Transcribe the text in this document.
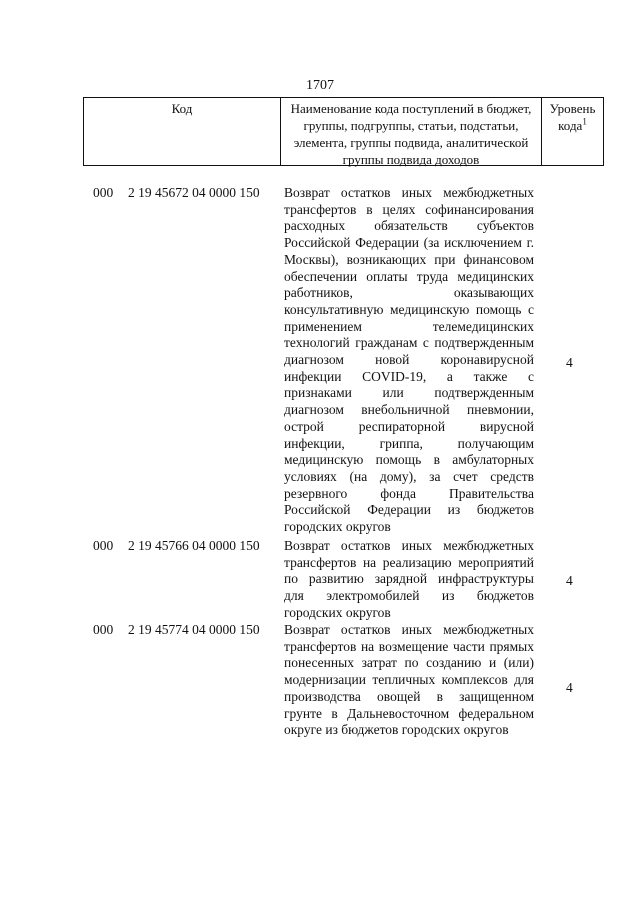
1707
Код	Наименование кода поступлений в бюджет, группы, подгруппы, статьи, подстатьи, элемента, группы подвида, аналитической группы подвида доходов
Уровень кода$^1$
000 2 19 45672 04 0000 150 Возврат остатков иных межбюджетных трансфертов в целях софинансирования расходных обязательств субъектов Российской Федерации (за исключением г. Москвы), возникающих при финансовом обеспечении оплаты труда медицинских работников, оказывающих консультативную медицинскую помощь с применением телемедицинских технологий гражданам с подтвержденным диагнозом новой коронавирусной инфекции COVID-19, а также с признаками или подтвержденным диагнозом внебольничной пневмонии, острой респираторной вирусной инфекции, гриппа, получающим медицинскую помощь в амбулаторных условиях (на дому), за счет средств резервного фонда Правительства Российской Федерации из бюджетов городских округов
4
000 2 19 45766 04 0000 150 Возврат остатков иных межбюджетных трансфертов на реализацию мероприятий по развитию зарядной инфраструктуры для электромобилей из бюджетов городских округов
4
000 2 19 45774 04 0000 150 Возврат остатков иных межбюджетных трансфертов на возмещение части прямых понесенных затрат по созданию и (или) модернизации тепличных комплексов для производства овощей в защищенном грунте в Дальневосточном федеральном округе из бюджетов городских округов
4
